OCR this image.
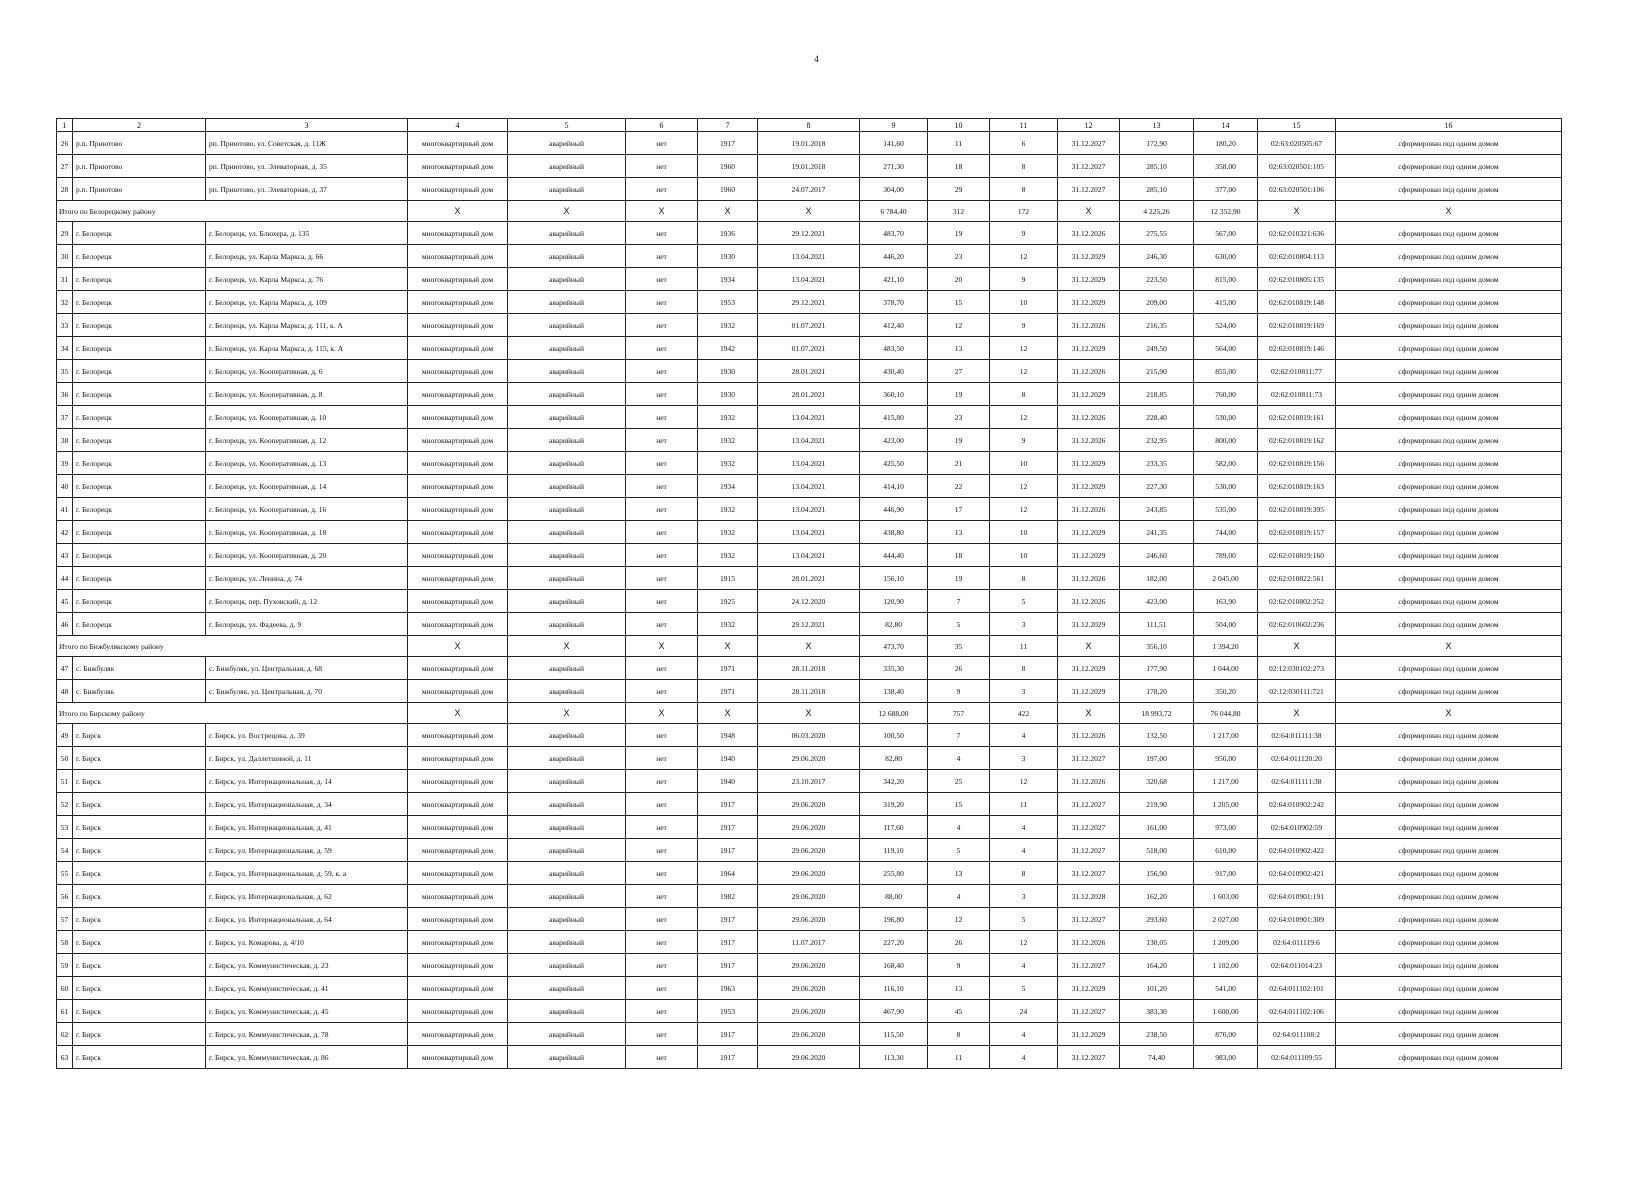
4
1	2	3	4	5	6	7	8	9	10	11	12	13	14	15	16
26	р.п. Приютово	рп. Приютово, ул. Советская, д. 11Ж	многоквартирный дом	аварийный	нет	1917	19.01.2018	141,60	11	6	31.12.2027	172,90	180,20	02:63:020505:67	сформирован под одним домом
27	р.п. Приютово	рп. Приютово, ул. Элеваторная, д. 35	многоквартирный дом	аварийный	нет	1960	19.01.2018	271,30	18	8	31.12.2027	285,10	358,00	02:63:020501:105	сформирован под одним домом
28	р.п. Приютово	рп. Приютово, ул. Элеваторная, д. 37	многоквартирный дом	аварийный	нет	1960	24.07.2017	304,00	29	8	31.12.2027	285,10	377,00	02:63:020501:106	сформирован под одним домом
Итого по Белорецкому району			X	X	X	X	X	6 784,40	312	172	X	4 225,26	12 352,90	X	X
29	г. Белорецк	г. Белорецк, ул. Блюхера, д. 135	многоквартирный дом	аварийный	нет	1936	29.12.2021	483,70	19	9	31.12.2026	275,55	567,00	02:62:010321:636	сформирован под одним домом
30	г. Белорецк	г. Белорецк, ул. Карла Маркса, д. 66	многоквартирный дом	аварийный	нет	1930	13.04.2021	446,20	23	12	31.12.2029	246,30	630,00	02:62:010804:113	сформирован под одним домом
31	г. Белорецк	г. Белорецк, ул. Карла Маркса, д. 76	многоквартирный дом	аварийный	нет	1934	13.04.2021	421,10	20	9	31.12.2029	223,50	815,00	02:62:010805:135	сформирован под одним домом
32	г. Белорецк	г. Белорецк, ул. Карла Маркса, д. 109	многоквартирный дом	аварийный	нет	1953	29.12.2021	378,70	15	10	31.12.2029	209,00	415,00	02:62:010819:148	сформирован под одним домом
33	г. Белорецк	г. Белорецк, ул. Карла Маркса, д. 111, к. А	многоквартирный дом	аварийный	нет	1932	01.07.2021	412,40	12	9	31.12.2026	216,35	524,00	02:62:010819:169	сформирован под одним домом
34	г. Белорецк	г. Белорецк, ул. Карла Маркса, д. 115, к. А	многоквартирный дом	аварийный	нет	1942	01.07.2021	483,50	13	12	31.12.2029	249,50	564,00	02:62:010819:146	сформирован под одним домом
35	г. Белорецк	г. Белорецк, ул. Кооперативная, д. 6	многоквартирный дом	аварийный	нет	1930	28.01.2021	430,40	27	12	31.12.2026	215,90	855,00	02:62:010811:77	сформирован под одним домом
36	г. Белорецк	г. Белорецк, ул. Кооперативная, д. 8	многоквартирный дом	аварийный	нет	1930	28.01.2021	360,10	19	8	31.12.2029	218,85	760,00	02:62:010811:73	сформирован под одним домом
37	г. Белорецк	г. Белорецк, ул. Кооперативная, д. 10	многоквартирный дом	аварийный	нет	1932	13.04.2021	415,80	23	12	31.12.2026	228,40	530,00	02:62:010819:161	сформирован под одним домом
38	г. Белорецк	г. Белорецк, ул. Кооперативная, д. 12	многоквартирный дом	аварийный	нет	1932	13.04.2021	423,00	19	9	31.12.2026	232,95	800,00	02:62:010819:162	сформирован под одним домом
39	г. Белорецк	г. Белорецк, ул. Кооперативная, д. 13	многоквартирный дом	аварийный	нет	1932	13.04.2021	425,50	21	10	31.12.2029	233,35	582,00	02:62:010819:156	сформирован под одним домом
40	г. Белорецк	г. Белорецк, ул. Кооперативная, д. 14	многоквартирный дом	аварийный	нет	1934	13.04.2021	414,10	22	12	31.12.2029	227,30	530,00	02:62:010819:163	сформирован под одним домом
41	г. Белорецк	г. Белорецк, ул. Кооперативная, д. 16	многоквартирный дом	аварийный	нет	1932	13.04.2021	446,90	17	12	31.12.2026	243,85	535,00	02:62:010819:395	сформирован под одним домом
42	г. Белорецк	г. Белорецк, ул. Кооперативная, д. 18	многоквартирный дом	аварийный	нет	1932	13.04.2021	438,80	13	10	31.12.2029	241,35	744,00	02:62:010819:157	сформирован под одним домом
43	г. Белорецк	г. Белорецк, ул. Кооперативная, д. 20	многоквартирный дом	аварийный	нет	1932	13.04.2021	444,40	18	10	31.12.2029	246,60	789,00	02:62:010819:160	сформирован под одним домом
44	г. Белорецк	г. Белорецк, ул. Ленина, д. 74	многоквартирный дом	аварийный	нет	1915	28.01.2021	156,10	19	8	31.12.2026	182,00	2 045,00	02:62:010822:561	сформирован под одним домом
45	г. Белорецк	г. Белорецк, пер. Пуховский, д. 12	многоквартирный дом	аварийный	нет	1925	24.12.2020	120,90	7	5	31.12.2026	423,00	163,90	02:62:010802:252	сформирован под одним домом
46	г. Белорецк	г. Белорецк, ул. Фадеева, д. 9	многоквартирный дом	аварийный	нет	1932	29.12.2021	82,80	5	3	31.12.2029	111,51	504,00	02:62:010602:236	сформирован под одним домом
Итого по Бижбулякскому району			X	X	X	X	X	473,70	35	11	X	356,10	1 394,20	X	X
47	с. Бижбуляк	с. Бижбуляк, ул. Центральная, д. 68	многоквартирный дом	аварийный	нет	1971	28.11.2018	335,30	26	8	31.12.2029	177,90	1 044,00	02:12:030102:273	сформирован под одним домом
48	с. Бижбуляк	с. Бижбуляк, ул. Центральная, д. 70	многоквартирный дом	аварийный	нет	1971	28.11.2018	138,40	9	3	31.12.2029	178,20	350,20	02:12:030111:721	сформирован под одним домом
Итого по Бирскому району			X	X	X	X	X	12 688,00	757	422	X	18 993,72	76 044,80	X	X
49	г. Бирск	г. Бирск, ул. Вострецова, д. 39	многоквартирный дом	аварийный	нет	1948	06.03.2020	100,50	7	4	31.12.2026	132,50	1 217,00	02:64:011111:38	сформирован под одним домом
50	г. Бирск	г. Бирск, ул. Даллетшиной, д. 11	многоквартирный дом	аварийный	нет	1940	29.06.2020	82,80	4	3	31.12.2027	197,00	956,00	02:64:011120:20	сформирован под одним домом
51	г. Бирск	г. Бирск, ул. Интернациональная, д. 14	многоквартирный дом	аварийный	нет	1940	23.10.2017	342,20	25	12	31.12.2026	320,68	1 217,00	02:64:011111:38	сформирован под одним домом
52	г. Бирск	г. Бирск, ул. Интернациональная, д. 34	многоквартирный дом	аварийный	нет	1917	29.06.2020	319,20	15	11	31.12.2027	219,90	1 205,00	02:64:010902:242	сформирован под одним домом
53	г. Бирск	г. Бирск, ул. Интернациональная, д. 41	многоквартирный дом	аварийный	нет	1917	29.06.2020	117,60	4	4	31.12.2027	161,00	973,00	02:64:010902:59	сформирован под одним домом
54	г. Бирск	г. Бирск, ул. Интернациональная, д. 59	многоквартирный дом	аварийный	нет	1917	29.06.2020	119,10	5	4	31.12.2027	518,00	610,00	02:64:010902:422	сформирован под одним домом
55	г. Бирск	г. Бирск, ул. Интернациональная, д. 59, к. а	многоквартирный дом	аварийный	нет	1964	29.06.2020	255,80	13	8	31.12.2027	156,90	917,00	02:64:010902:421	сформирован под одним домом
56	г. Бирск	г. Бирск, ул. Интернациональная, д. 62	многоквартирный дом	аварийный	нет	1982	29.06.2020	88,00	4	3	31.12.2028	162,20	1 603,00	02:64:010901:191	сформирован под одним домом
57	г. Бирск	г. Бирск, ул. Интернациональная, д. 64	многоквартирный дом	аварийный	нет	1917	29.06.2020	196,80	12	5	31.12.2027	293,60	2 027,00	02:64:010901:309	сформирован под одним домом
58	г. Бирск	г. Бирск, ул. Комарова, д. 4/10	многоквартирный дом	аварийный	нет	1917	11.07.2017	227,20	26	12	31.12.2026	130,05	1 209,00	02:64:011119:6	сформирован под одним домом
59	г. Бирск	г. Бирск, ул. Коммунистическая, д. 23	многоквартирный дом	аварийный	нет	1917	29.06.2020	168,40	9	4	31.12.2027	164,20	1 102,00	02:64:011014:23	сформирован под одним домом
60	г. Бирск	г. Бирск, ул. Коммунистическая, д. 41	многоквартирный дом	аварийный	нет	1963	29.06.2020	116,10	13	5	31.12.2029	101,20	541,00	02:64:011102:101	сформирован под одним домом
61	г. Бирск	г. Бирск, ул. Коммунистическая, д. 45	многоквартирный дом	аварийный	нет	1953	29.06.2020	467,90	45	24	31.12.2027	383,30	1 600,00	02:64:011102:106	сформирован под одним домом
62	г. Бирск	г. Бирск, ул. Коммунистическая, д. 78	многоквартирный дом	аварийный	нет	1917	29.06.2020	115,50	8	4	31.12.2029	238,50	876,00	02:64:011108:2	сформирован под одним домом
63	г. Бирск	г. Бирск, ул. Коммунистическая, д. 86	многоквартирный дом	аварийный	нет	1917	29.06.2020	113,30	11	4	31.12.2027	74,40	983,00	02:64:011109:55	сформирован под одним домом
